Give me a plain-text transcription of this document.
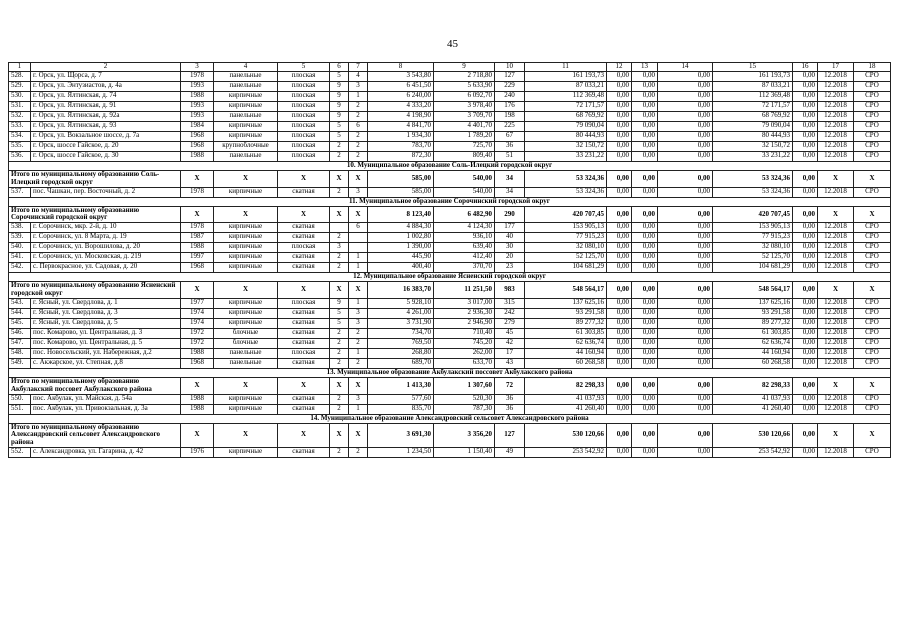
45
1	2	3	4	5	6	7	8	9	10	11	12	13	14	15	16	17	18
528.	г. Орск, ул. Щорса, д. 7	1978	панельные	плоская	5	4	3 543,80	2 718,80	127	161 193,73	0,00	0,00	0,00	161 193,73	0,00	12.2018	СРО
529.	г. Орск, ул. Энтузиастов, д. 4а	1993	панельные	плоская	9	3	6 451,50	5 633,90	229	87 033,21	0,00	0,00	0,00	87 033,21	0,00	12.2018	СРО
530.	г. Орск, ул. Ялтинская, д. 74	1988	кирпичные	плоская	9	1	6 240,00	6 092,70	240	112 369,48	0,00	0,00	0,00	112 369,48	0,00	12.2018	СРО
531.	г. Орск, ул. Ялтинская, д. 91	1993	кирпичные	плоская	9	2	4 333,20	3 978,40	176	72 171,57	0,00	0,00	0,00	72 171,57	0,00	12.2018	СРО
532.	г. Орск, ул. Ялтинская, д. 92а	1993	панельные	плоская	9	2	4 198,90	3 709,70	198	68 769,92	0,00	0,00	0,00	68 769,92	0,00	12.2018	СРО
533.	г. Орск, ул. Ялтинская, д. 93	1984	кирпичные	плоская	5	6	4 841,70	4 401,70	225	79 090,04	0,00	0,00	0,00	79 090,04	0,00	12.2018	СРО
534.	г. Орск, ул. Вокзальное шоссе, д. 7а	1968	кирпичные	плоская	5	2	1 934,30	1 789,20	67	80 444,93	0,00	0,00	0,00	80 444,93	0,00	12.2018	СРО
535.	г. Орск, шоссе Гайское, д. 20	1968	крупноблочные	плоская	2	2	783,70	725,70	36	32 150,72	0,00	0,00	0,00	32 150,72	0,00	12.2018	СРО
536.	г. Орск, шоссе Гайское, д. 30	1988	панельные	плоская	2	2	872,30	809,40	51	33 231,22	0,00	0,00	0,00	33 231,22	0,00	12.2018	СРО
10. Муниципальное образование Соль-Илецкий городской округ																	
Итого по муниципальному образованию Соль-Илецкий городской округ		X	X	X	X	X	585,00	540,00	34	53 324,36	0,00	0,00	0,00	53 324,36	0,00	X	X
537.	пос. Чашкан, пер. Восточный, д. 2	1978	кирпичные	скатная	2	3	585,00	540,00	34	53 324,36	0,00	0,00	0,00	53 324,36	0,00	12.2018	СРО
11. Муниципальное образование Сорочинский городской округ																	
Итого по муниципальному образованию Сорочинский городской округ		X	X	X	X	X	8 123,40	6 482,90	290	420 707,45	0,00	0,00	0,00	420 707,45	0,00	X	X
538.	г. Сорочинск, мкр. 2-й, д. 10	1978	кирпичные	скатная		6	4 884,30	4 124,30	177	153 905,13	0,00	0,00	0,00	153 905,13	0,00	12.2018	СРО
539.	г. Сорочинск, ул. 8 Марта, д. 19	1987	кирпичные	скатная	2		1 002,80	936,10	40	77 915,23	0,00	0,00	0,00	77 915,23	0,00	12.2018	СРО
540.	г. Сорочинск, ул. Ворошилова, д. 20	1988	кирпичные	плоская	3		1 390,00	639,40	30	32 080,10	0,00	0,00	0,00	32 080,10	0,00	12.2018	СРО
541.	г. Сорочинск, ул. Московская, д. 219	1997	кирпичные	скатная	2	1	445,90	412,40	20	52 125,70	0,00	0,00	0,00	52 125,70	0,00	12.2018	СРО
542.	с. Первокрасное, ул. Садовая, д. 20	1968	кирпичные	скатная	2	1	400,40	370,70	23	104 681,29	0,00	0,00	0,00	104 681,29	0,00	12.2018	СРО
12. Муниципальное образование Ясненский городской округ																	
Итого по муниципальному образованию Ясненский городской округ		X	X	X	X	X	16 383,70	11 251,50	983	548 564,17	0,00	0,00	0,00	548 564,17	0,00	X	X
543.	г. Ясный, ул. Свердлова, д. 1	1977	кирпичные	плоская	9	1	5 928,10	3 017,00	315	137 625,16	0,00	0,00	0,00	137 625,16	0,00	12.2018	СРО
544.	г. Ясный, ул. Свердлова, д. 3	1974	кирпичные	скатная	5	3	4 261,00	2 936,30	242	93 291,58	0,00	0,00	0,00	93 291,58	0,00	12.2018	СРО
545.	г. Ясный, ул. Свердлова, д. 5	1974	кирпичные	скатная	5	3	3 731,90	2 946,90	279	89 277,32	0,00	0,00	0,00	89 277,32	0,00	12.2018	СРО
546.	пос. Комарово, ул. Центральная, д. 3	1972	блочные	скатная	2	2	734,70	710,40	45	61 303,85	0,00	0,00	0,00	61 303,85	0,00	12.2018	СРО
547.	пос. Комарово, ул. Центральная, д. 5	1972	блочные	скатная	2	2	769,50	745,20	42	62 636,74	0,00	0,00	0,00	62 636,74	0,00	12.2018	СРО
548.	пос. Новосельский, ул. Набережная, д.2	1988	панельные	плоская	2	1	268,80	262,00	17	44 160,94	0,00	0,00	0,00	44 160,94	0,00	12.2018	СРО
549.	с. Акжарское, ул. Степная, д.8	1968	панельные	скатная	2	2	689,70	633,70	43	60 268,58	0,00	0,00	0,00	60 268,58	0,00	12.2018	СРО
13. Муниципальное образование Акбулакский поссовет Акбулакского района																	
Итого по муниципальному образованию Акбулакский поссовет Акбулакского района		X	X	X	X	X	1 413,30	1 307,60	72	82 298,33	0,00	0,00	0,00	82 298,33	0,00	X	X
550.	пос. Акбулак, ул. Майская, д. 54а	1988	кирпичные	скатная	2	3	577,60	520,30	36	41 037,93	0,00	0,00	0,00	41 037,93	0,00	12.2018	СРО
551.	пос. Акбулак, ул. Привокзальная, д. 3а	1988	кирпичные	скатная	2	1	835,70	787,30	36	41 260,40	0,00	0,00	0,00	41 260,40	0,00	12.2018	СРО
14. Муниципальное образование Александровский сельсовет Александровского района																	
Итого по муниципальному образованию Александровский сельсовет Александровского района		X	X	X	X	X	3 691,30	3 356,20	127	530 120,66	0,00	0,00	0,00	530 120,66	0,00	X	X
552.	с. Александровка, ул. Гагарина, д. 42	1976	кирпичные	скатная	2	2	1 234,50	1 150,40	49	253 542,92	0,00	0,00	0,00	253 542,92	0,00	12.2018	СРО
